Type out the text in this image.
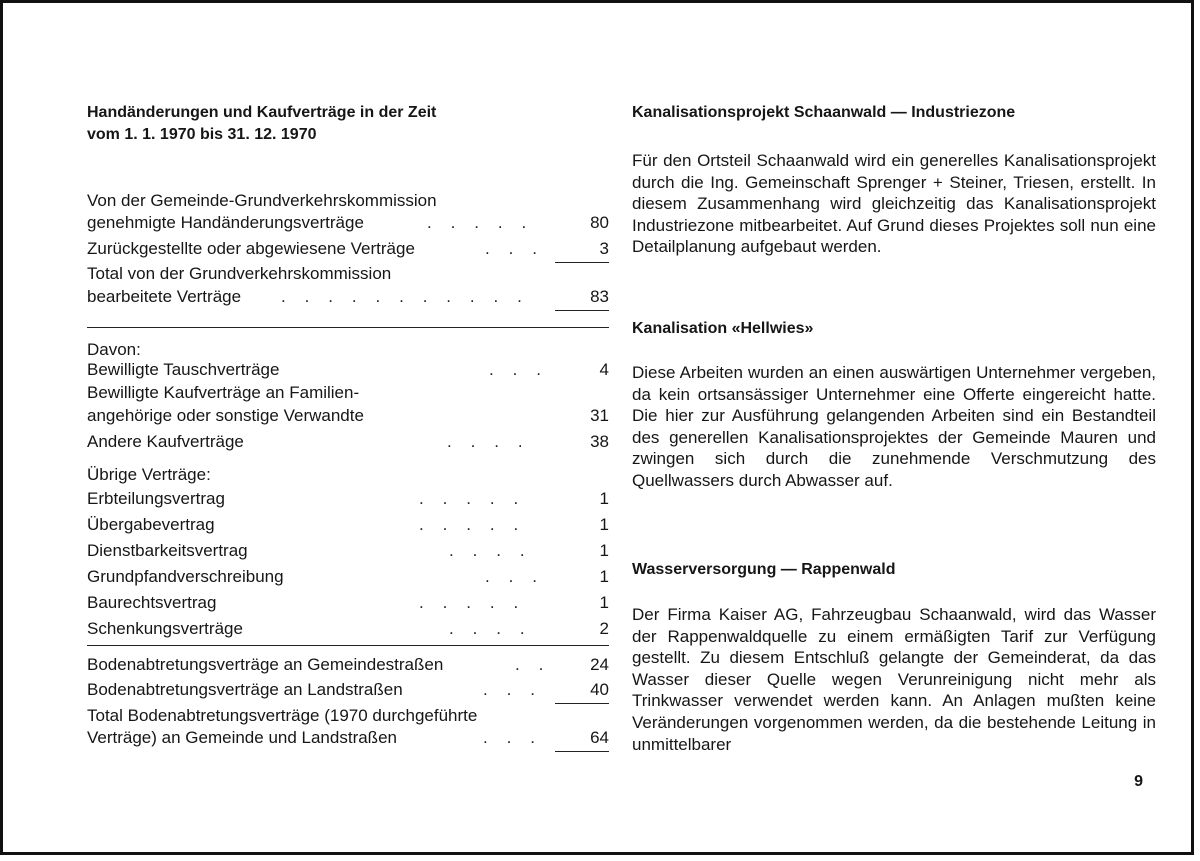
Handänderungen und Kaufverträge in der Zeit
vom 1. 1. 1970 bis 31. 12. 1970
Von der Gemeinde-Grundverkehrskommission
genehmigte Handänderungsverträge	.    .    .    .    .	80
Zurückgestellte oder abgewiesene Verträge	.    .    .	3
Total von der Grundverkehrskommission
bearbeitete Verträge .    .    .    .    .    .    .    .    .    .    .	83
Davon:
Bewilligte Tauschverträge	.    .    .	4
Bewilligte Kaufverträge an Familien-
angehörige oder sonstige Verwandte	31
Andere Kaufverträge	.    .    .    .	38
Übrige Verträge:
Erbteilungsvertrag	.    .    .    .    .	1
Übergabevertrag	.    .    .    .    .	1
Dienstbarkeitsvertrag	.    .    .    .	1
Grundpfandverschreibung	.    .    .	1
Baurechtsvertrag	.    .    .    .    .	1
Schenkungsverträge	.    .    .    .	2
Bodenabtretungsverträge an Gemeindestraßen	.    .	24
Bodenabtretungsverträge an Landstraßen	.    .    .	40
Total Bodenabtretungsverträge (1970 durchgeführte
Verträge) an Gemeinde und Landstraßen	.    .    .	64
Kanalisationsprojekt Schaanwald — Industriezone
Für den Ortsteil Schaanwald wird ein generelles Kanalisationsprojekt durch die Ing. Gemeinschaft Sprenger + Steiner, Triesen, erstellt. In diesem Zusammenhang wird gleichzeitig das Kanalisationsprojekt Industriezone mitbearbeitet. Auf Grund dieses Projektes soll nun eine Detailplanung aufgebaut werden.
Kanalisation «Hellwies»
Diese Arbeiten wurden an einen auswärtigen Unternehmer vergeben, da kein ortsansässiger Unternehmer eine Offerte eingereicht hatte. Die hier zur Ausführung gelangenden Arbeiten sind ein Bestandteil des generellen Kanalisationsprojektes der Gemeinde Mauren und zwingen sich durch die zunehmende Verschmutzung des Quellwassers durch Abwasser auf.
Wasserversorgung — Rappenwald
Der Firma Kaiser AG, Fahrzeugbau Schaanwald, wird das Wasser der Rappenwaldquelle zu einem ermäßigten Tarif zur Verfügung gestellt. Zu diesem Entschluß gelangte der Gemeinderat, da das Wasser dieser Quelle wegen Verunreinigung nicht mehr als Trinkwasser verwendet werden kann. An Anlagen mußten keine Veränderungen vorgenommen werden, da die bestehende Leitung in unmittelbarer
9
